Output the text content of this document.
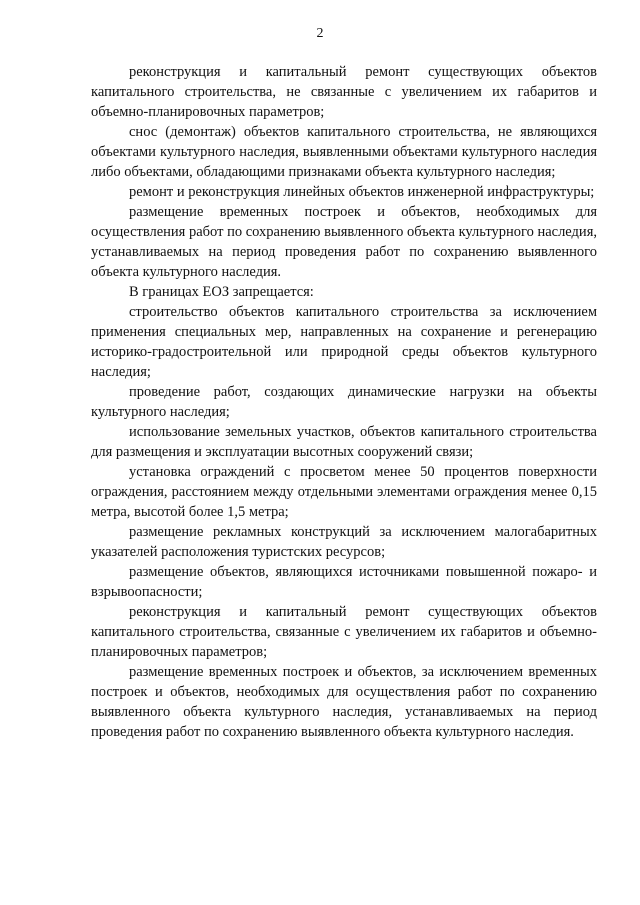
2

реконструкция и капитальный ремонт существующих объектов капитального строительства, не связанные с увеличением их габаритов и объемно-планировочных параметров;

снос (демонтаж) объектов капитального строительства, не являющихся объектами культурного наследия, выявленными объектами культурного наследия либо объектами, обладающими признаками объекта культурного наследия;

ремонт и реконструкция линейных объектов инженерной инфраструктуры;

размещение временных построек и объектов, необходимых для осуществления работ по сохранению выявленного объекта культурного наследия, устанавливаемых на период проведения работ по сохранению выявленного объекта культурного наследия.

В границах ЕОЗ запрещается:

строительство объектов капитального строительства за исключением применения специальных мер, направленных на сохранение и регенерацию историко-градостроительной или природной среды объектов культурного наследия;

проведение работ, создающих динамические нагрузки на объекты культурного наследия;

использование земельных участков, объектов капитального строительства для размещения и эксплуатации высотных сооружений связи;

установка ограждений с просветом менее 50 процентов поверхности ограждения, расстоянием между отдельными элементами ограждения менее 0,15 метра, высотой более 1,5 метра;

размещение рекламных конструкций за исключением малогабаритных указателей расположения туристских ресурсов;

размещение объектов, являющихся источниками повышенной пожаро- и взрывоопасности;

реконструкция и капитальный ремонт существующих объектов капитального строительства, связанные с увеличением их габаритов и объемно-планировочных параметров;

размещение временных построек и объектов, за исключением временных построек и объектов, необходимых для осуществления работ по сохранению выявленного объекта культурного наследия, устанавливаемых на период проведения работ по сохранению выявленного объекта культурного наследия.
